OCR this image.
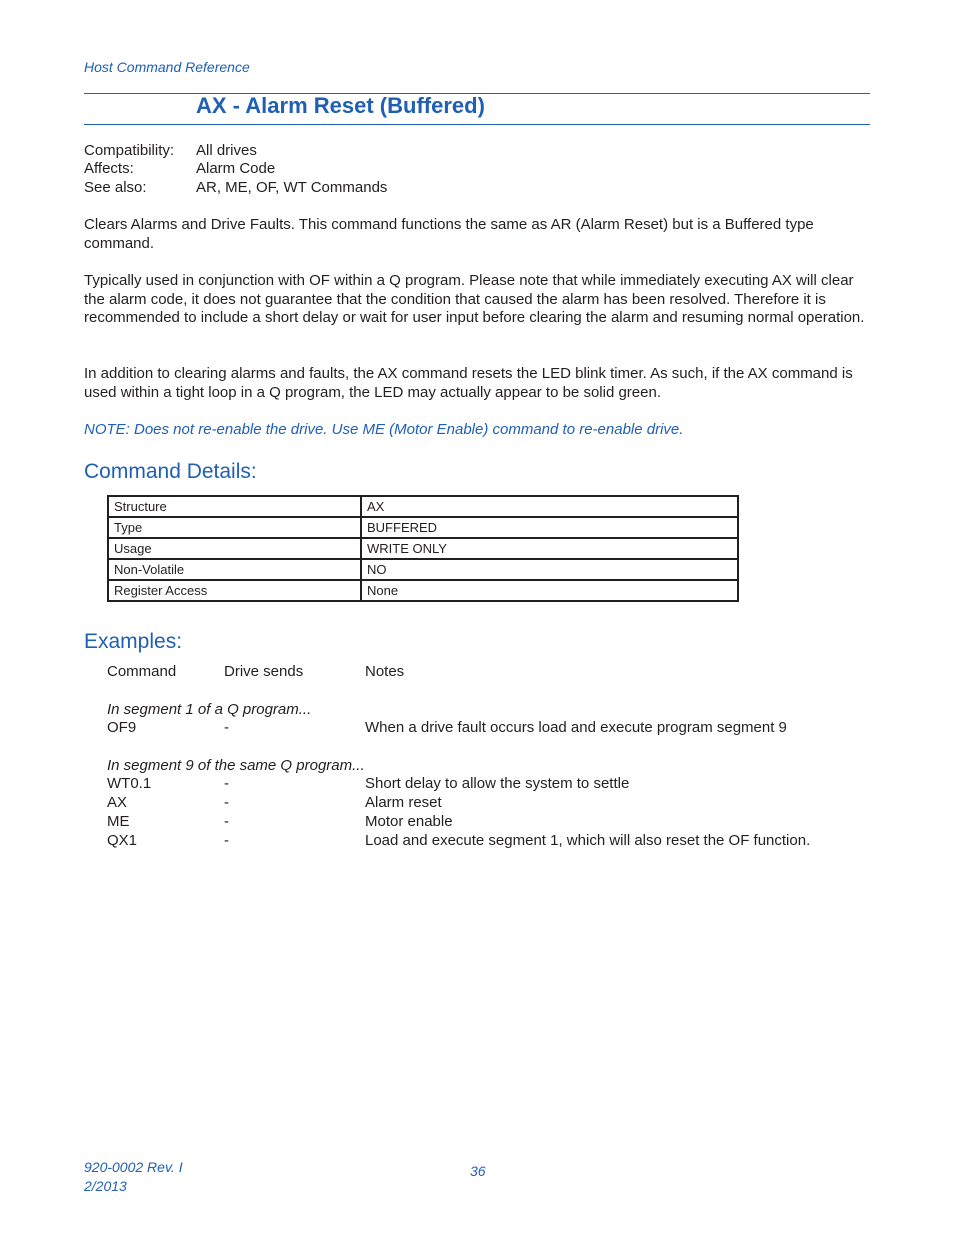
Host Command Reference
AX - Alarm Reset (Buffered)
Compatibility: All drives
Affects:	Alarm Code
See also:	AR, ME, OF, WT Commands
Clears Alarms and Drive Faults. This command functions the same as AR (Alarm Reset) but is a Buffered type command.
Typically used in conjunction with OF within a Q program. Please note that while immediately executing AX will clear the alarm code, it does not guarantee that the condition that caused the alarm has been resolved. Therefore it is recommended to include a short delay or wait for user input before clearing the alarm and resuming normal operation.
In addition to clearing alarms and faults, the AX command resets the LED blink timer. As such, if the AX command is used within a tight loop in a Q program, the LED may actually appear to be solid green.
NOTE: Does not re-enable the drive. Use ME (Motor Enable) command to re-enable drive.
Command Details:
Structure	AX
Type	BUFFERED
Usage	WRITE ONLY
Non-Volatile	NO
Register Access	None
Examples:
Command	Drive sends	Notes
In segment 1 of a Q program...
OF9	-	When a drive fault occurs load and execute program segment 9
In segment 9 of the same Q program...
WT0.1	-	Short delay to allow the system to settle
AX	-	Alarm reset
ME	-	Motor enable
QX1	-	Load and execute segment 1, which will also reset the OF function.
920-0002 Rev. I
2/2013
36
